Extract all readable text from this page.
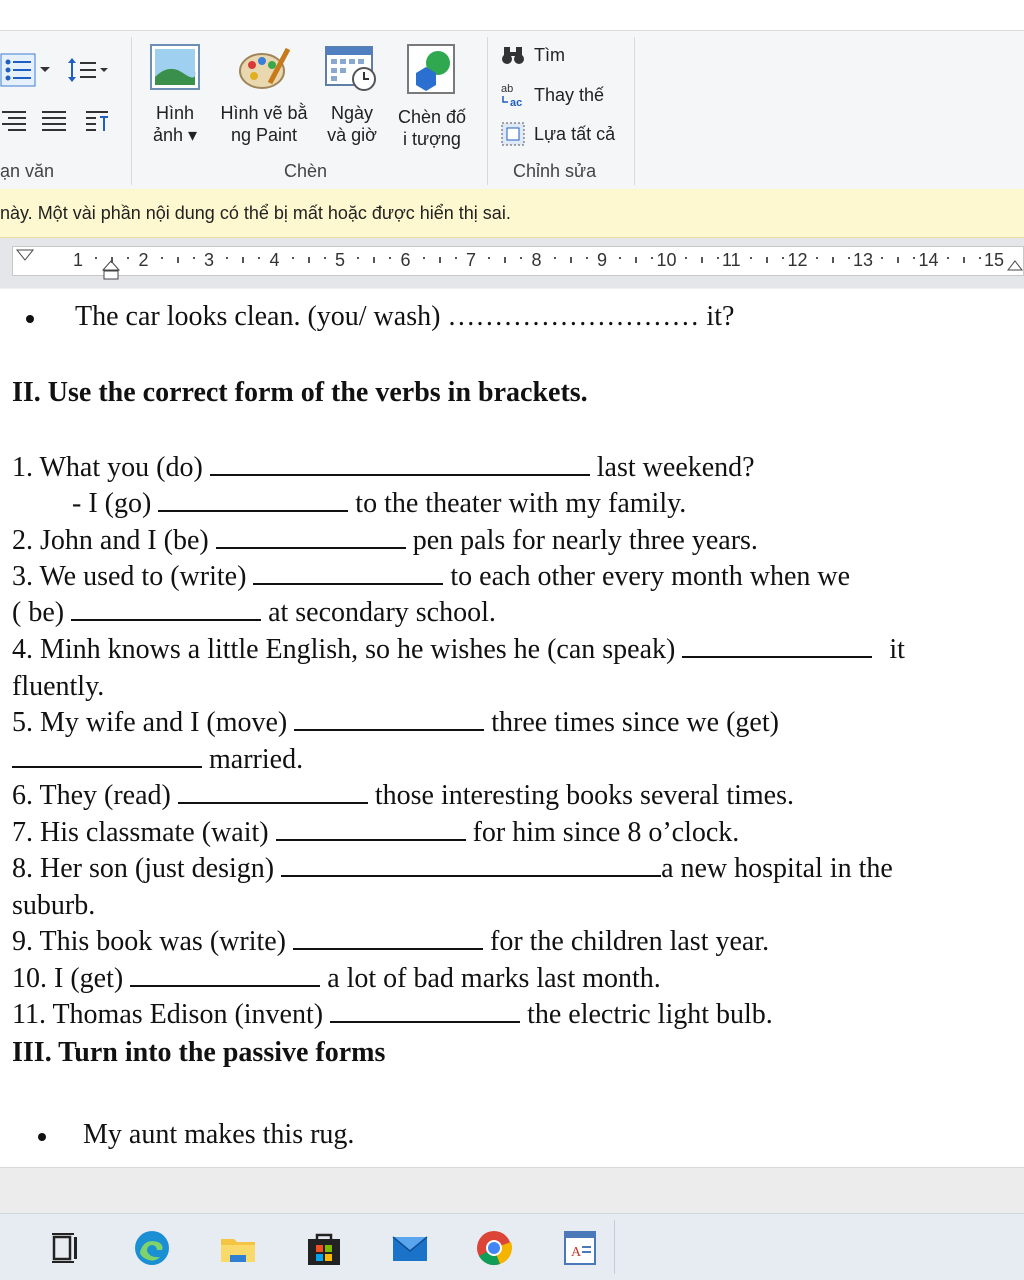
ạn văn
Hình
ảnh ▾
Hình vẽ bằ
ng Paint
Ngày
và giờ
Chèn đố
i tượng
Chèn
Tìm
ab
ac Thay thế
Lựa tất cả
Chỉnh sửa
này. Một vài phần nội dung có thể bị mất hoặc được hiển thị sai.
1	2	3	4	5	6	7	8	9	10	11	12	13	14	15
The car looks clean. (you/ wash) ……………………… it?
II. Use the correct form of the verbs in brackets.
1. What you (do)	last weekend?
- I (go)	to the theater with my family.
2. John and I (be)	pen pals for nearly three years.
3. We used to (write)	to each other every month when we
( be)	at secondary school.
4. Minh knows a little English, so he wishes he (can speak)	it
fluently.
5. My wife and I (move)	three times since we (get)
married.
6. They (read)	those interesting books several times.
7. His classmate (wait)	for him since 8 o’clock.
8. Her son (just design)	a new hospital in the
suburb.
9. This book was (write)	for the children last year.
10. I (get)	a lot of bad marks last month.
11. Thomas Edison (invent)	the electric light bulb.
III. Turn into the passive forms
My aunt makes this rug.
A
